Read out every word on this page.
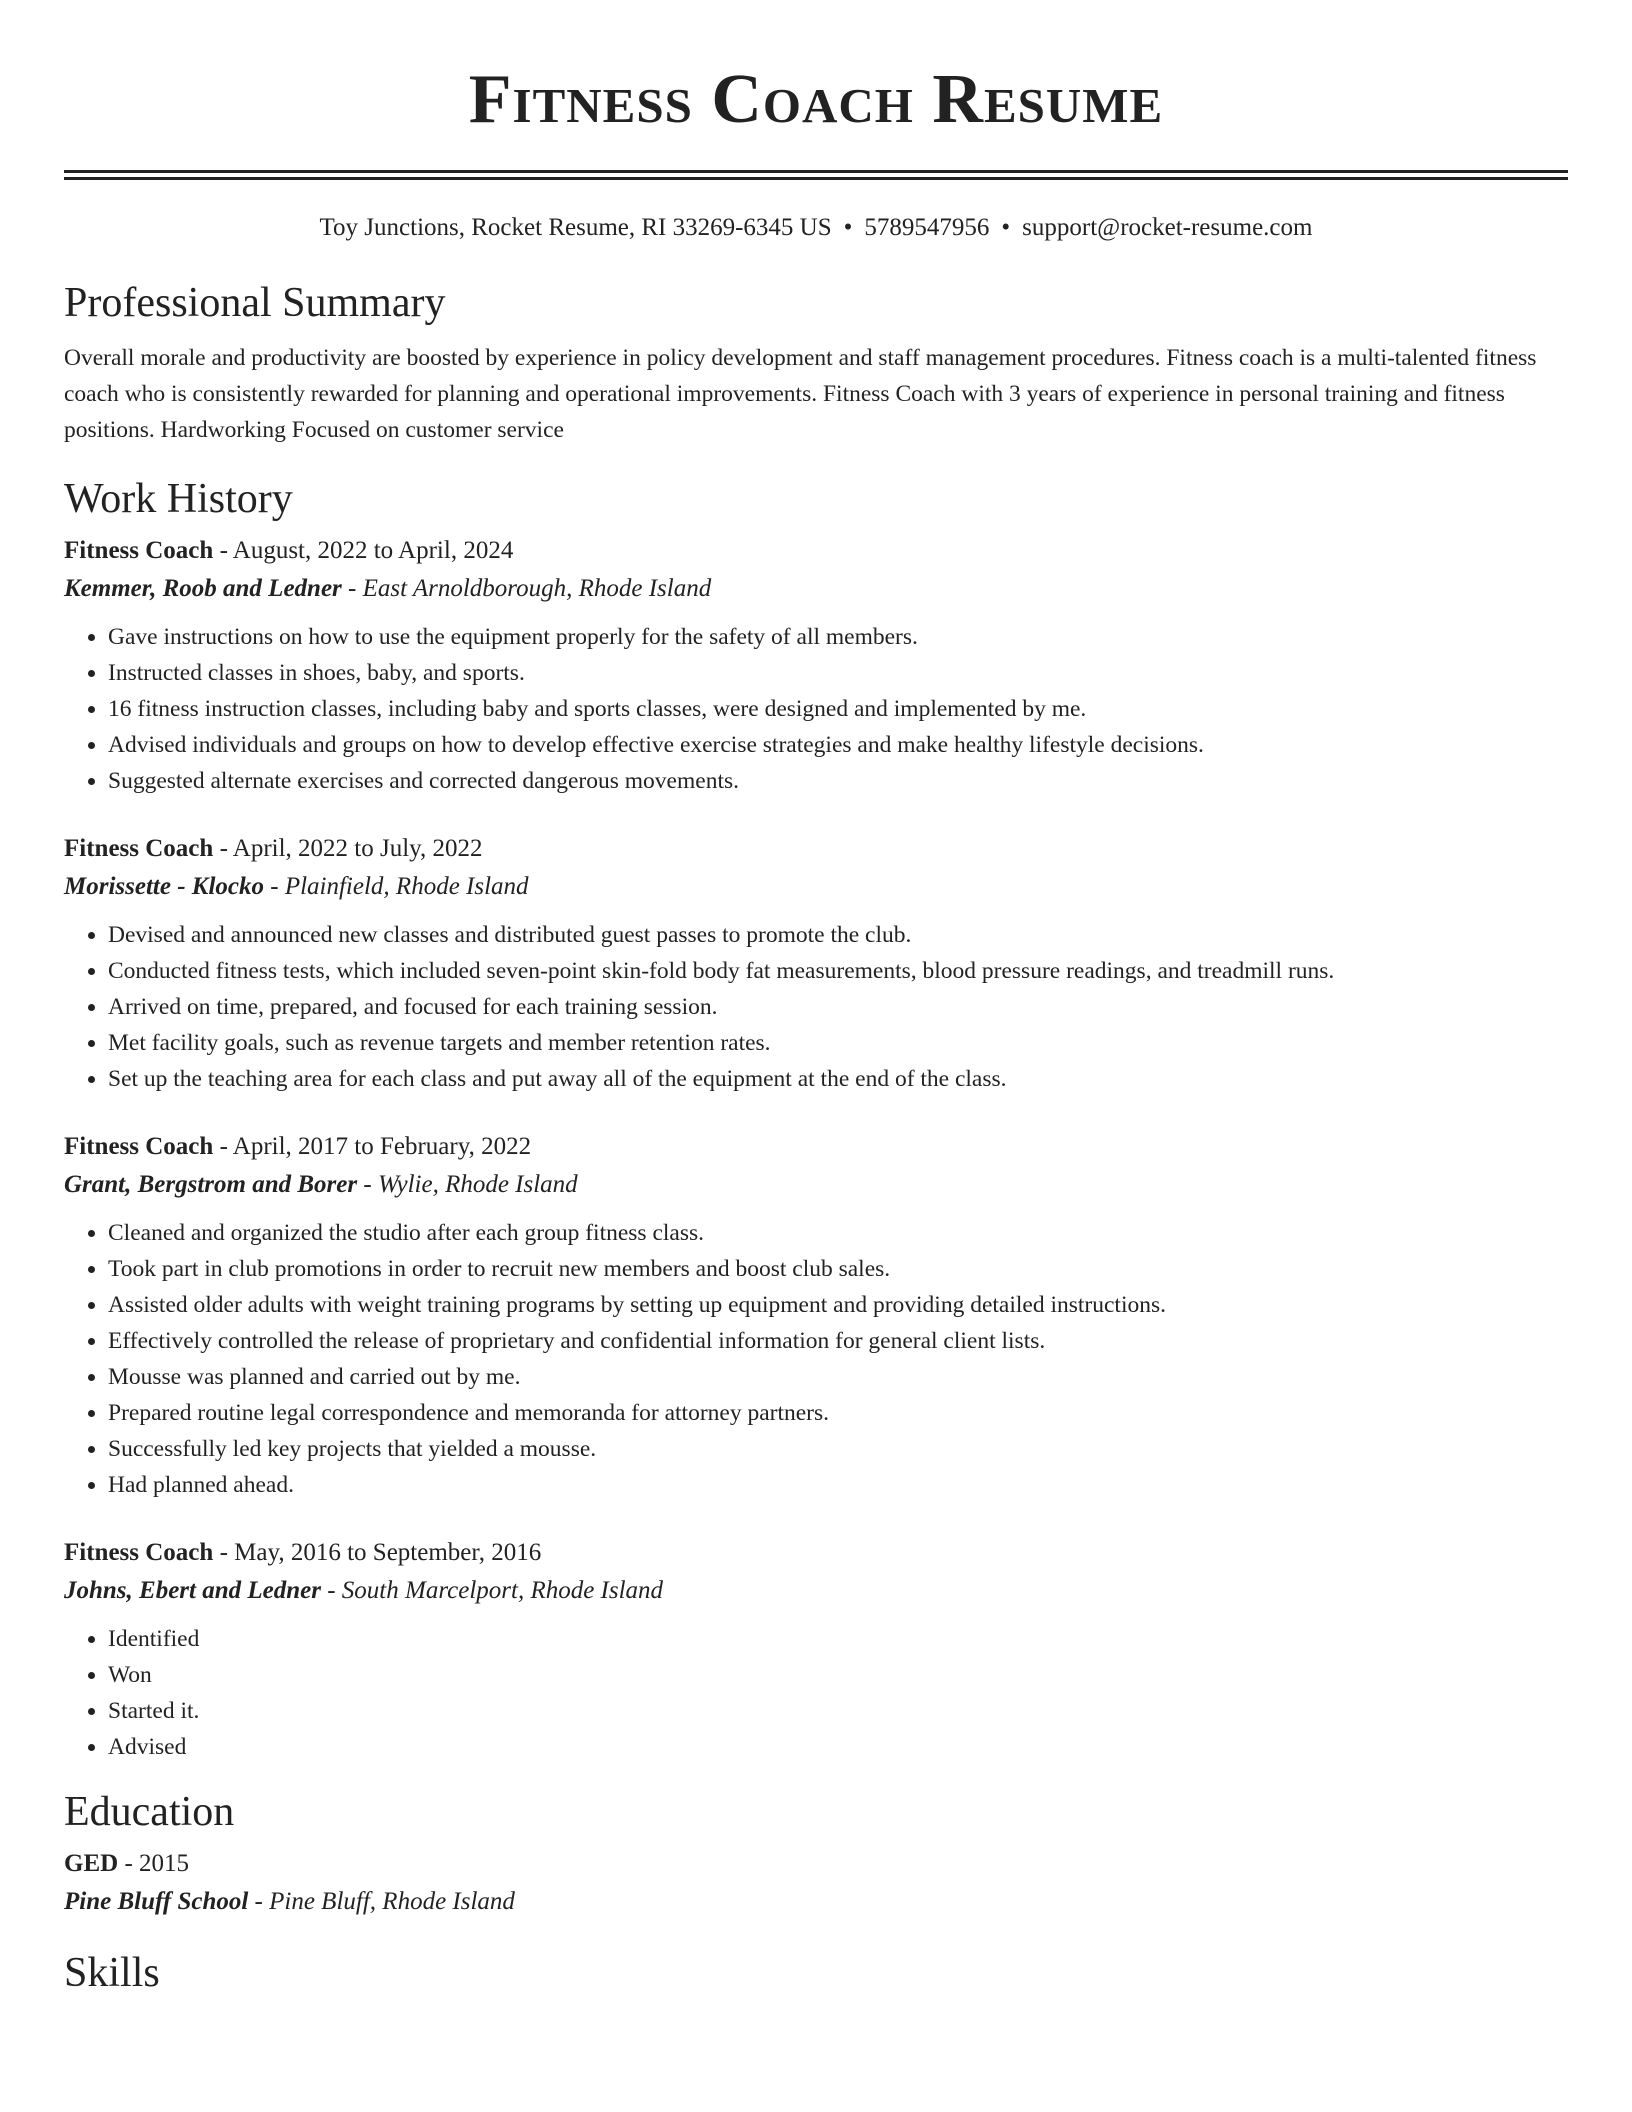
Fitness Coach Resume
Toy Junctions, Rocket Resume, RI 33269-6345 US • 5789547956 • support@rocket-resume.com
Professional Summary

Overall morale and productivity are boosted by experience in policy development and staff management procedures. Fitness coach is a multi-talented fitness coach who is consistently rewarded for planning and operational improvements. Fitness Coach with 3 years of experience in personal training and fitness positions. Hardworking Focused on customer service

Work History
Fitness Coach - August, 2022 to April, 2024
Kemmer, Roob and Ledner - East Arnoldborough, Rhode Island
• Gave instructions on how to use the equipment properly for the safety of all members.
• Instructed classes in shoes, baby, and sports.
• 16 fitness instruction classes, including baby and sports classes, were designed and implemented by me.
• Advised individuals and groups on how to develop effective exercise strategies and make healthy lifestyle decisions.
• Suggested alternate exercises and corrected dangerous movements.
Fitness Coach - April, 2022 to July, 2022
Morissette - Klocko - Plainfield, Rhode Island
• Devised and announced new classes and distributed guest passes to promote the club.
• Conducted fitness tests, which included seven-point skin-fold body fat measurements, blood pressure readings, and treadmill runs.
• Arrived on time, prepared, and focused for each training session.
• Met facility goals, such as revenue targets and member retention rates.
• Set up the teaching area for each class and put away all of the equipment at the end of the class.
Fitness Coach - April, 2017 to February, 2022
Grant, Bergstrom and Borer - Wylie, Rhode Island
• Cleaned and organized the studio after each group fitness class.
• Took part in club promotions in order to recruit new members and boost club sales.
• Assisted older adults with weight training programs by setting up equipment and providing detailed instructions.
• Effectively controlled the release of proprietary and confidential information for general client lists.
• Mousse was planned and carried out by me.
• Prepared routine legal correspondence and memoranda for attorney partners.
• Successfully led key projects that yielded a mousse.
• Had planned ahead.
Fitness Coach - May, 2016 to September, 2016
Johns, Ebert and Ledner - South Marcelport, Rhode Island
• Identified
• Won
• Started it.
• Advised
Education
GED - 2015
Pine Bluff School - Pine Bluff, Rhode Island
Skills
